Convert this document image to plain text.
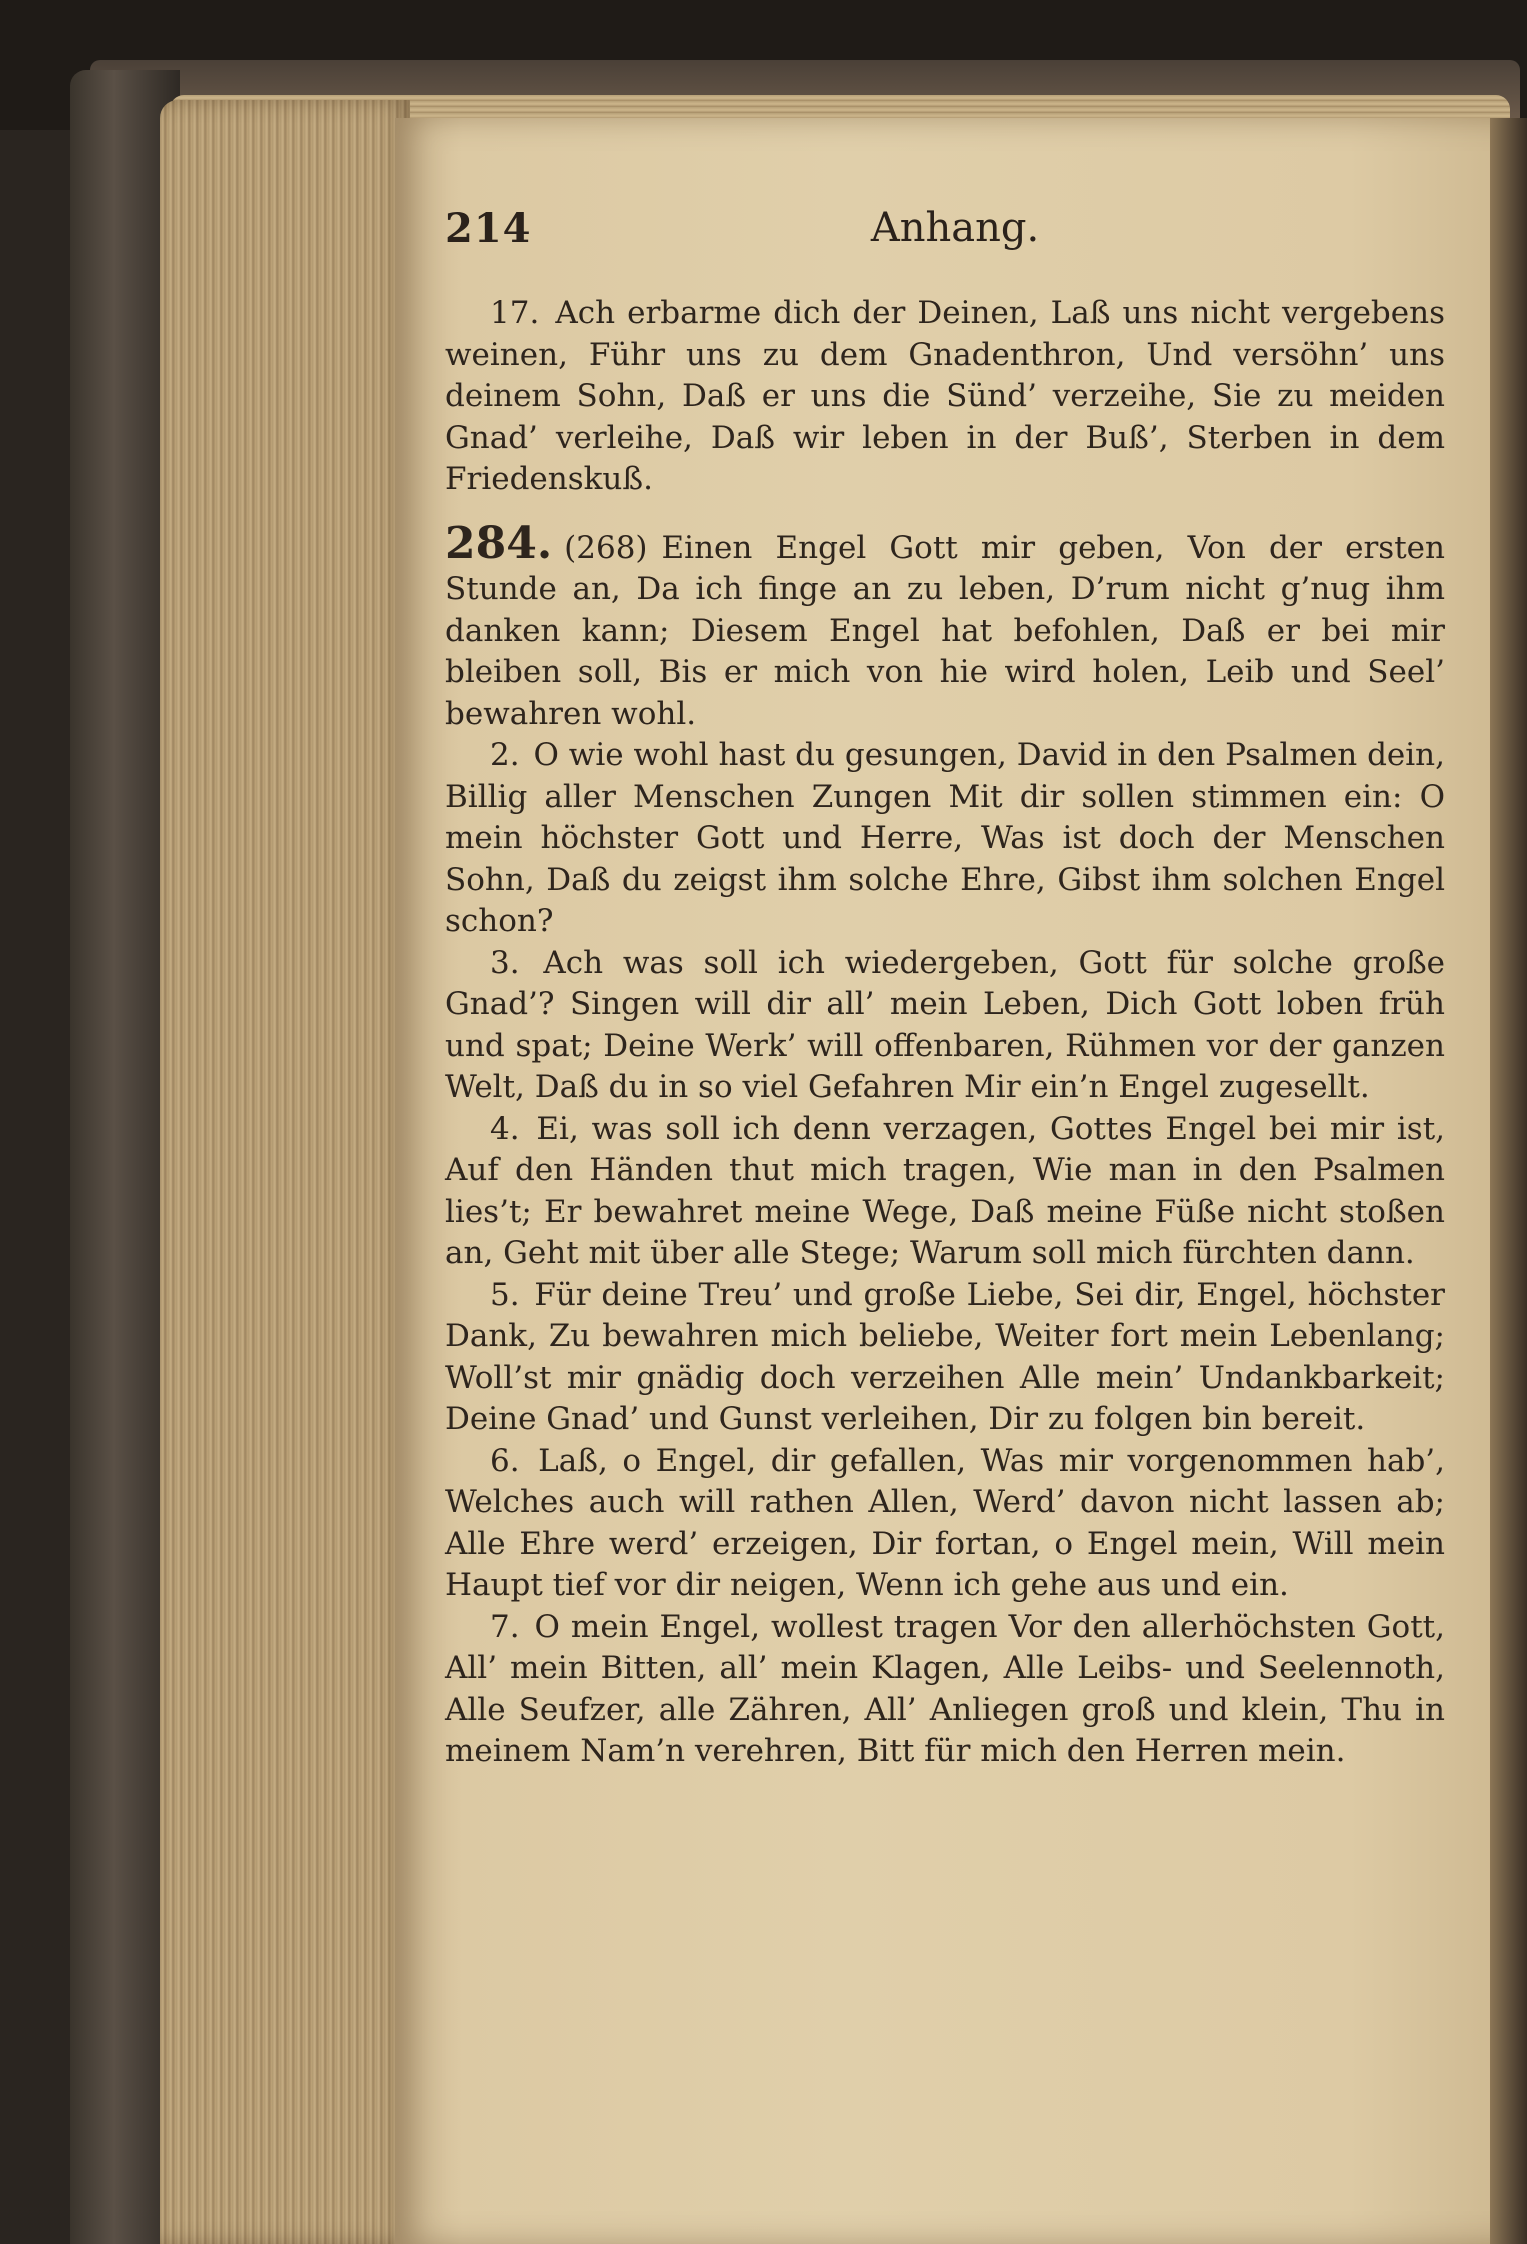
214	Anhang.

17. Ach erbarme dich der Deinen, Laß uns nicht vergebens weinen, Führ uns zu dem Gnadenthron, Und versöhn’ uns deinem Sohn, Daß er uns die Sünd’ verzeihe, Sie zu meiden Gnad’ verleihe, Daß wir leben in der Buß’, Sterben in dem Friedenskuß.

284. (268) Einen Engel Gott mir geben, Von der ersten Stunde an, Da ich finge an zu leben, D’rum nicht g’nug ihm danken kann; Diesem Engel hat befohlen, Daß er bei mir bleiben soll, Bis er mich von hie wird holen, Leib und Seel’ bewahren wohl.

2. O wie wohl hast du gesungen, David in den Psalmen dein, Billig aller Menschen Zungen Mit dir sollen stimmen ein: O mein höchster Gott und Herre, Was ist doch der Menschen Sohn, Daß du zeigst ihm solche Ehre, Gibst ihm solchen Engel schon?

3. Ach was soll ich wiedergeben, Gott für solche große Gnad’? Singen will dir all’ mein Leben, Dich Gott loben früh und spat; Deine Werk’ will offenbaren, Rühmen vor der ganzen Welt, Daß du in so viel Gefahren Mir ein’n Engel zugesellt.

4. Ei, was soll ich denn verzagen, Gottes Engel bei mir ist, Auf den Händen thut mich tragen, Wie man in den Psalmen lies’t; Er bewahret meine Wege, Daß meine Füße nicht stoßen an, Geht mit über alle Stege; Warum soll mich fürchten dann.

5. Für deine Treu’ und große Liebe, Sei dir, Engel, höchster Dank, Zu bewahren mich beliebe, Weiter fort mein Lebenlang; Woll’st mir gnädig doch verzeihen Alle mein’ Undankbarkeit; Deine Gnad’ und Gunst verleihen, Dir zu folgen bin bereit.

6. Laß, o Engel, dir gefallen, Was mir vorgenommen hab’, Welches auch will rathen Allen, Werd’ davon nicht lassen ab; Alle Ehre werd’ erzeigen, Dir fortan, o Engel mein, Will mein Haupt tief vor dir neigen, Wenn ich gehe aus und ein.

7. O mein Engel, wollest tragen Vor den allerhöchsten Gott, All’ mein Bitten, all’ mein Klagen, Alle Leibs- und Seelennoth, Alle Seufzer, alle Zähren, All’ Anliegen groß und klein, Thu in meinem Nam’n verehren, Bitt für mich den Herren mein.
